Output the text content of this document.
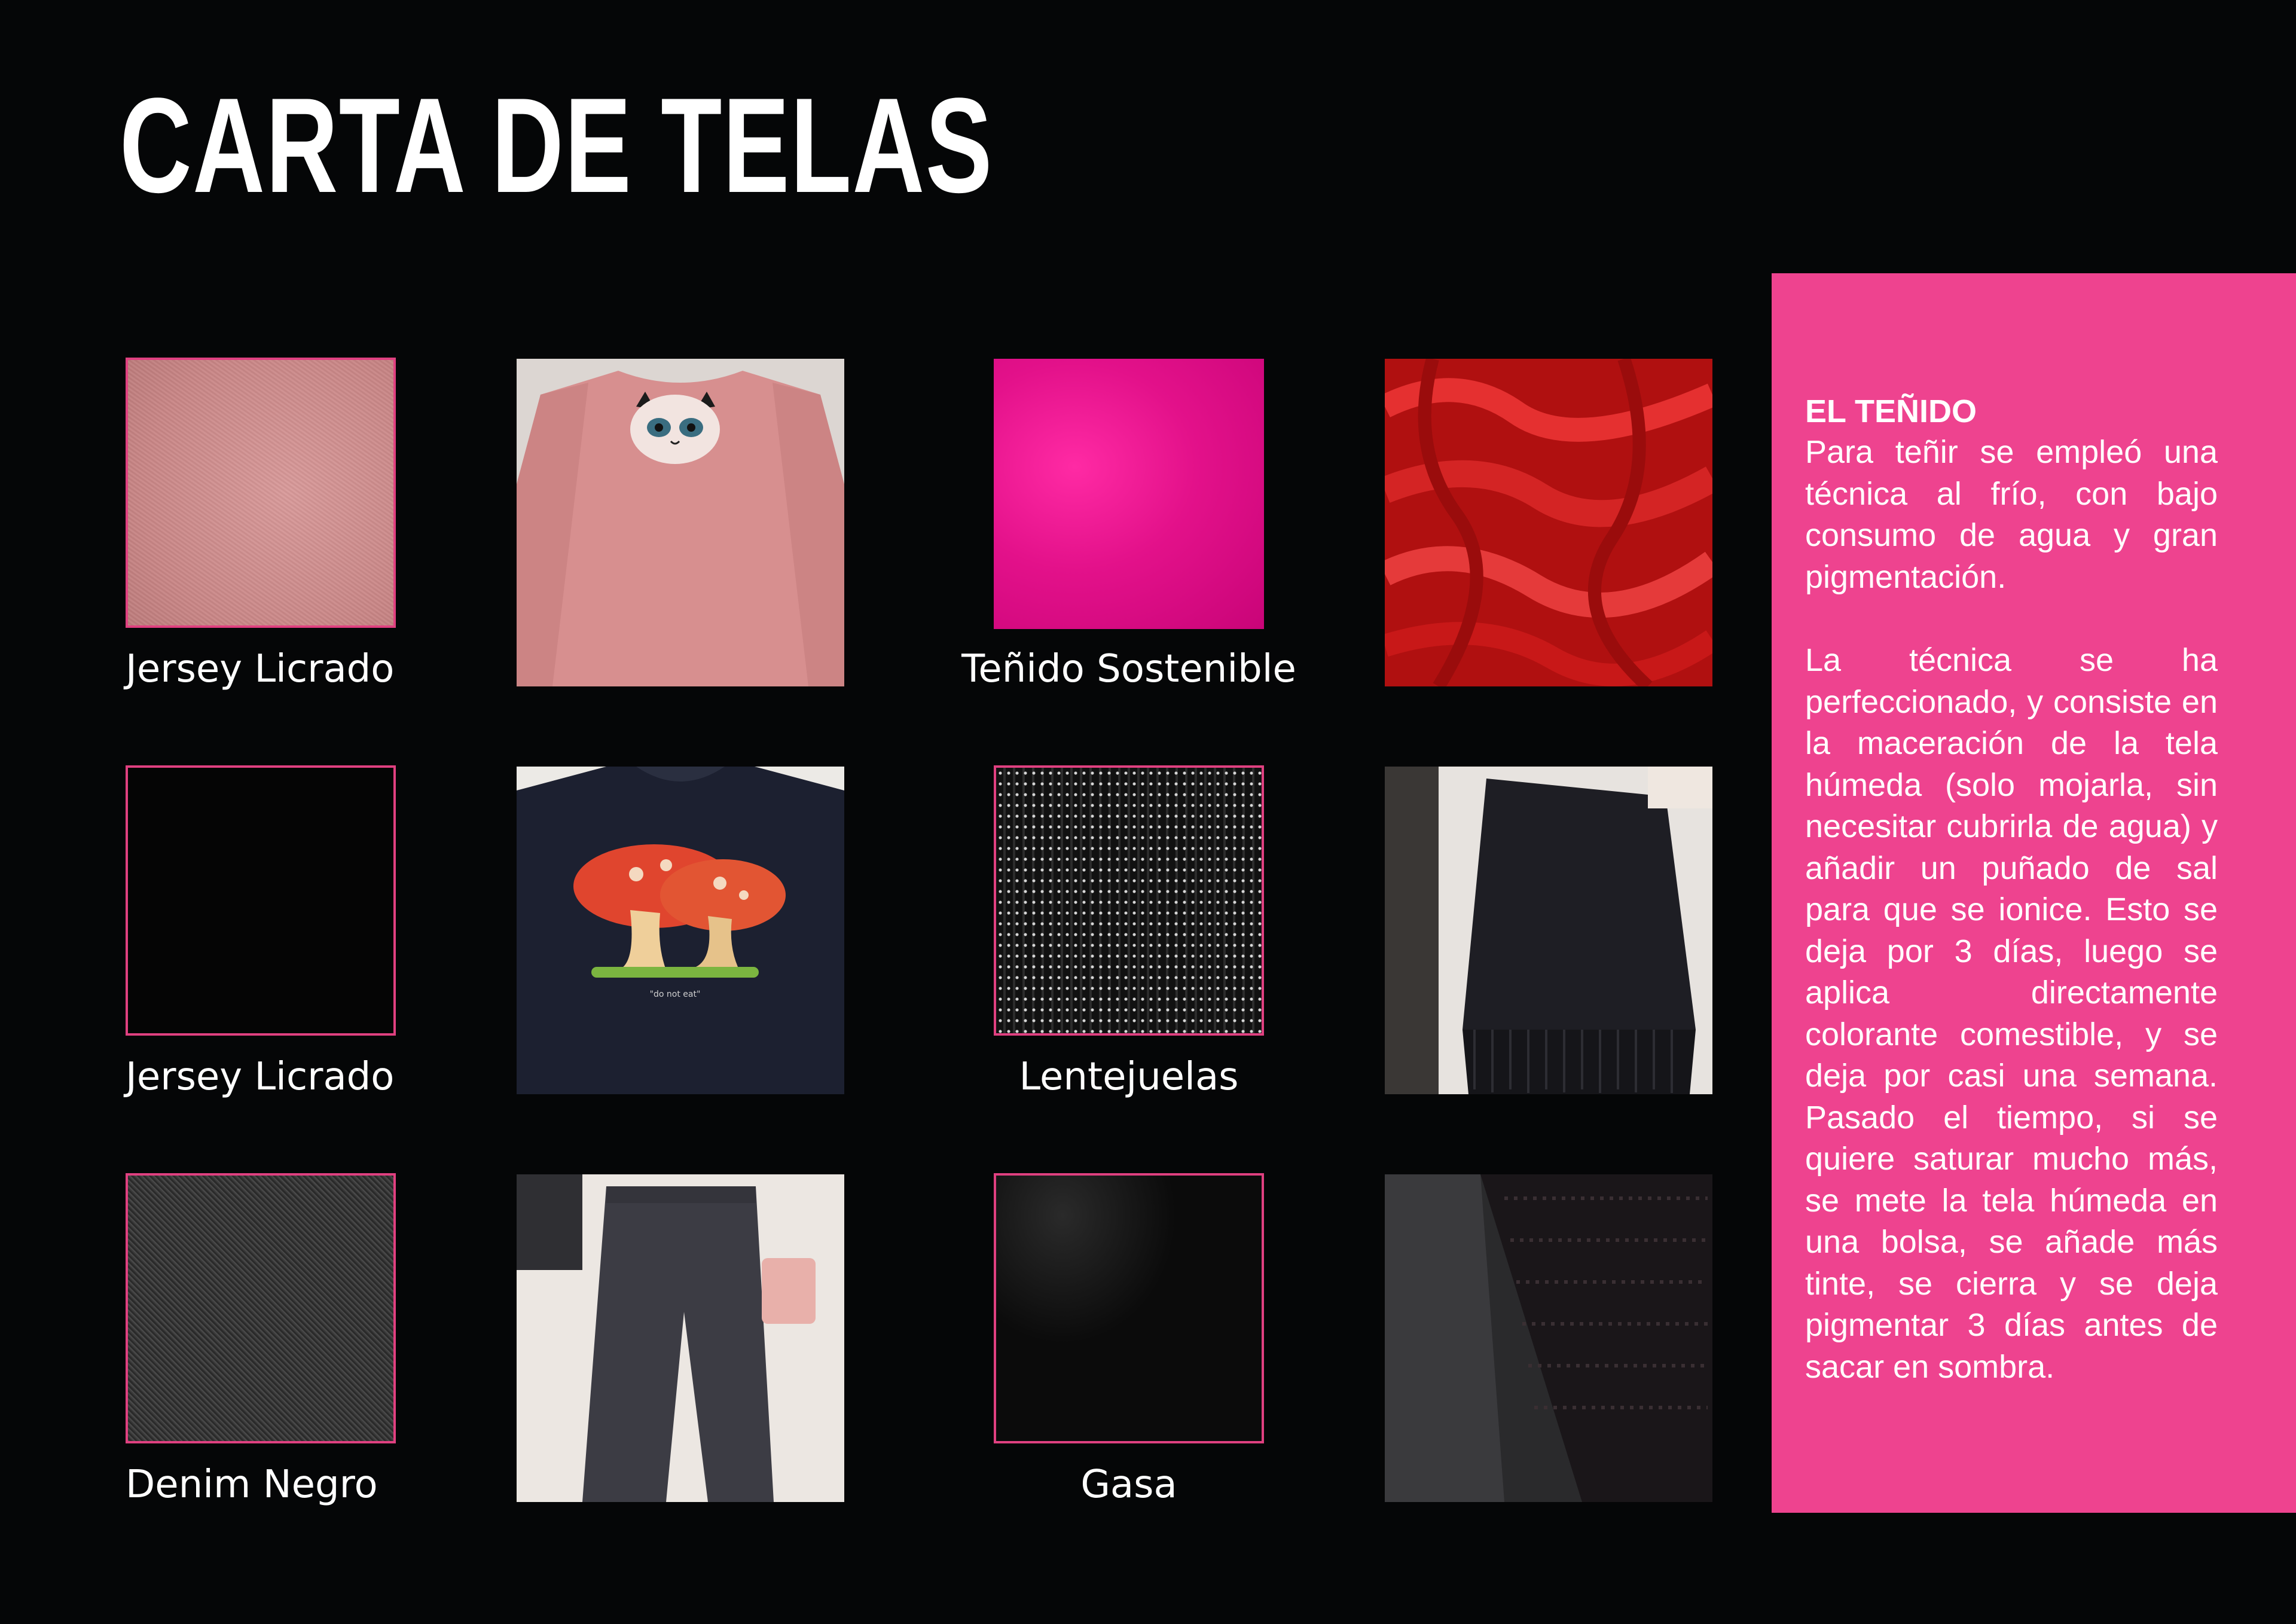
CARTA DE TELAS
Jersey Licrado	Teñido Sostenible
"do not eat"
Jersey Licrado	Lentejuelas
Denim Negro	Gasa
EL TEÑIDO

Para teñir se empleó una técnica al frío, con bajo consumo de agua y gran pigmentación.

La técnica se ha perfeccionado, y consiste en la maceración de la tela húmeda (solo mojarla, sin necesitar cubrirla de agua) y añadir un puñado de sal para que se ionice. Esto se deja por 3 días, luego se aplica directamente colorante comestible, y se deja por casi una semana. Pasado el tiempo, si se quiere saturar mucho más, se mete la tela húmeda en una bolsa, se añade más tinte, se cierra y se deja pigmentar 3 días antes de sacar en sombra.
